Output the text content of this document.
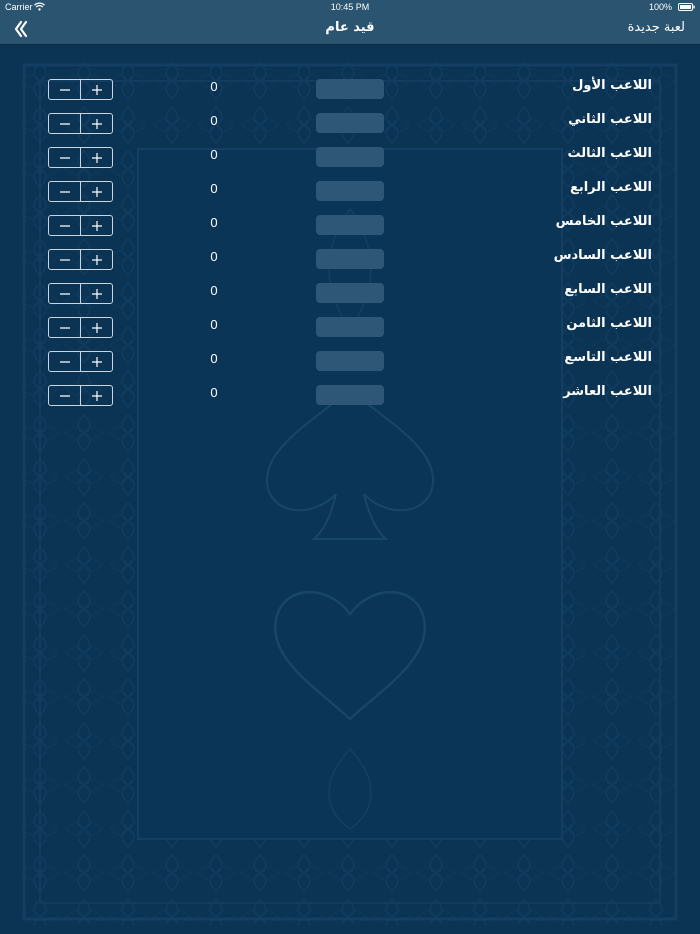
Carrier	10:45 PM	100%
قيد عام	لعبة جديدة
اللاعب الأول
0
اللاعب الثاني
0
اللاعب الثالث
0
اللاعب الرابع
0
اللاعب الخامس
0
اللاعب السادس
0
اللاعب السابع
0
اللاعب الثامن
0
اللاعب التاسع
0
اللاعب العاشر
0
